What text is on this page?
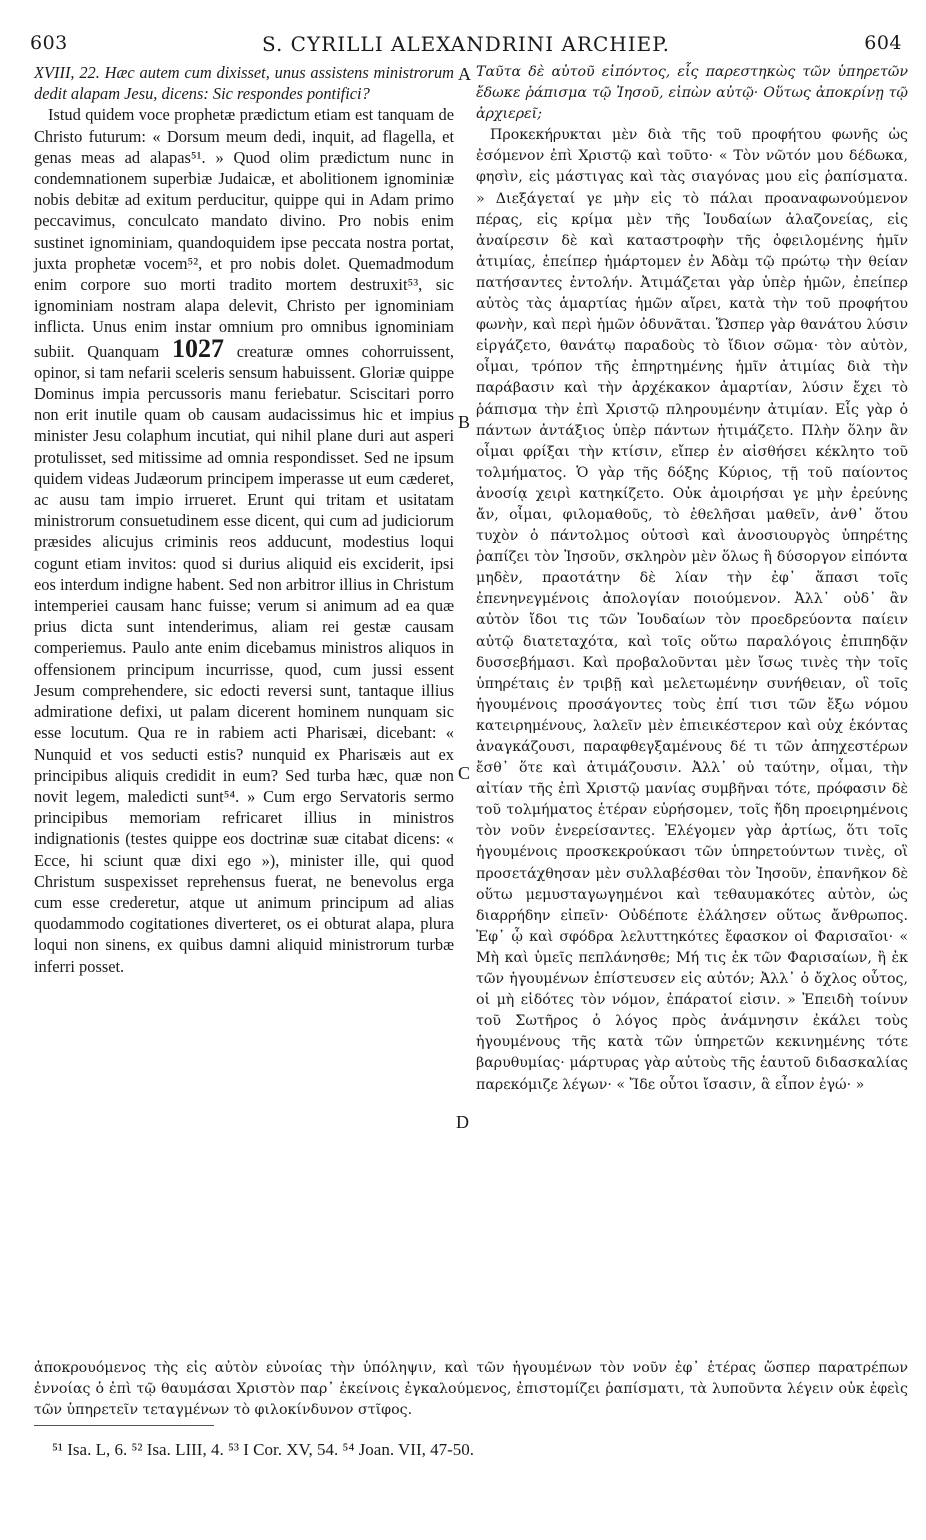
603	S. CYRILLI ALEXANDRINI ARCHIEP.	604

XVIII, 22. Hæc autem cum dixisset, unus assistens ministrorum dedit alapam Jesu, dicens: Sic respondes pontifici?

Istud quidem voce prophetæ prædictum etiam est tanquam de Christo futurum: « Dorsum meum dedi, inquit, ad flagella, et genas meas ad alapas⁵¹. » Quod olim prædictum nunc in condemnationem superbiæ Judaicæ, et abolitionem ignominiæ nobis debitæ ad exitum perducitur, quippe qui in Adam primo peccavimus, conculcato mandato divino. Pro nobis enim sustinet ignominiam, quandoquidem ipse peccata nostra portat, juxta prophetæ vocem⁵², et pro nobis dolet. Quemadmodum enim corpore suo morti tradito mortem destruxit⁵³, sic ignominiam nostram alapa delevit, Christo per ignominiam inflicta. Unus enim instar omnium pro omnibus ignominiam subiit. Quanquam 1027 creaturæ omnes cohorruissent, opinor, si tam nefarii sceleris sensum habuissent. Gloriæ quippe Dominus impia percussoris manu feriebatur. Sciscitari porro non erit inutile quam ob causam audacissimus hic et impius minister Jesu colaphum incutiat, qui nihil plane duri aut asperi protulisset, sed mitissime ad omnia respondisset. Sed ne ipsum quidem videas Judæorum principem imperasse ut eum cæderet, ac ausu tam impio irrueret. Erunt qui tritam et usitatam ministrorum consuetudinem esse dicent, qui cum ad judiciorum præsides alicujus criminis reos adducunt, modestius loqui cogunt etiam invitos: quod si durius aliquid eis exciderit, ipsi eos interdum indigne habent. Sed non arbitror illius in Christum intemperiei causam hanc fuisse; verum si animum ad ea quæ prius dicta sunt intenderimus, aliam rei gestæ causam comperiemus. Paulo ante enim dicebamus ministros aliquos in offensionem principum incurrisse, quod, cum jussi essent Jesum comprehendere, sic edocti reversi sunt, tantaque illius admiratione defixi, ut palam dicerent hominem nunquam sic esse locutum. Qua re in rabiem acti Pharisæi, dicebant: « Nunquid et vos seducti estis? nunquid ex Pharisæis aut ex principibus aliquis credidit in eum? Sed turba hæc, quæ non novit legem, maledicti sunt⁵⁴. » Cum ergo Servatoris sermo principibus memoriam refricaret illius in ministros indignationis (testes quippe eos doctrinæ suæ citabat dicens: « Ecce, hi sciunt quæ dixi ego »), minister ille, qui quod Christum suspexisset reprehensus fuerat, ne benevolus erga cum esse crederetur, atque ut animum principum ad alias quodammodo cogitationes diverteret, os ei obturat alapa, plura loqui non sinens, ex quibus damni aliquid ministrorum turbæ inferri posset.

A
B
C
D

Ταῦτα δὲ αὐτοῦ εἰπόντος, εἷς παρεστηκὼς τῶν ὑπηρετῶν ἔδωκε ῥάπισμα τῷ Ἰησοῦ, εἰπὼν αὐτῷ· Οὕτως ἀποκρίνῃ τῷ ἀρχιερεῖ;

Προκεκήρυκται μὲν διὰ τῆς τοῦ προφήτου φωνῆς ὡς ἐσόμενον ἐπὶ Χριστῷ καὶ τοῦτο· « Τὸν νῶτόν μου δέδωκα, φησὶν, εἰς μάστιγας καὶ τὰς σιαγόνας μου εἰς ῥαπίσματα. » Διεξάγεταί γε μὴν εἰς τὸ πάλαι προαναφωνούμενον πέρας, εἰς κρίμα μὲν τῆς Ἰουδαίων ἀλαζονείας, εἰς ἀναίρεσιν δὲ καὶ καταστροφὴν τῆς ὀφειλομένης ἡμῖν ἀτιμίας, ἐπείπερ ἡμάρτομεν ἐν Ἀδὰμ τῷ πρώτῳ τὴν θείαν πατήσαντες ἐντολήν. Ἀτιμάζεται γὰρ ὑπὲρ ἡμῶν, ἐπείπερ αὐτὸς τὰς ἁμαρτίας ἡμῶν αἴρει, κατὰ τὴν τοῦ προφήτου φωνὴν, καὶ περὶ ἡμῶν ὀδυνᾶται. Ὥσπερ γὰρ θανάτου λύσιν εἰργάζετο, θανάτῳ παραδοὺς τὸ ἴδιον σῶμα· τὸν αὐτὸν, οἶμαι, τρόπον τῆς ἐπηρτημένης ἡμῖν ἀτιμίας διὰ τὴν παράβασιν καὶ τὴν ἀρχέκακον ἁμαρτίαν, λύσιν ἔχει τὸ ῥάπισμα τὴν ἐπὶ Χριστῷ πληρουμένην ἀτιμίαν. Εἷς γὰρ ὁ πάντων ἀντάξιος ὑπὲρ πάντων ἠτιμάζετο. Πλὴν ὅλην ἂν οἶμαι φρίξαι τὴν κτίσιν, εἴπερ ἐν αἰσθήσει κέκλητο τοῦ τολμήματος. Ὁ γὰρ τῆς δόξης Κύριος, τῇ τοῦ παίοντος ἀνοσίᾳ χειρὶ κατηκίζετο. Οὐκ ἀμοιρήσαι γε μὴν ἐρεύνης ἄν, οἶμαι, φιλομαθοῦς, τὸ ἐθελῆσαι μαθεῖν, ἀνθ᾽ ὅτου τυχὸν ὁ πάντολμος οὑτοσὶ καὶ ἀνοσιουργὸς ὑπηρέτης ῥαπίζει τὸν Ἰησοῦν, σκληρὸν μὲν ὅλως ἢ δύσοργον εἰπόντα μηδὲν, πραοτάτην δὲ λίαν τὴν ἐφ᾽ ἅπασι τοῖς ἐπενηνεγμένοις ἀπολογίαν ποιούμενον. Ἀλλ᾽ οὐδ᾽ ἂν αὐτὸν ἴδοι τις τῶν Ἰουδαίων τὸν προεδρεύοντα παίειν αὐτῷ διατεταχότα, καὶ τοῖς οὕτω παραλόγοις ἐπιπηδᾷν δυσσεβήμασι. Καὶ προβαλοῦνται μὲν ἴσως τινὲς τὴν τοῖς ὑπηρέταις ἐν τριβῇ καὶ μελετωμένην συνήθειαν, οἳ τοῖς ἡγουμένοις προσάγοντες τοὺς ἐπί τισι τῶν ἔξω νόμου κατειρημένους, λαλεῖν μὲν ἐπιεικέστερον καὶ οὐχ ἑκόντας ἀναγκάζουσι, παραφθεγξαμένους δέ τι τῶν ἀπηχεστέρων ἔσθ᾽ ὅτε καὶ ἀτιμάζουσιν. Ἀλλ᾽ οὐ ταύτην, οἶμαι, τὴν αἰτίαν τῆς ἐπὶ Χριστῷ μανίας συμβῆναι τότε, πρόφασιν δὲ τοῦ τολμήματος ἑτέραν εὑρήσομεν, τοῖς ἤδη προειρημένοις τὸν νοῦν ἐνερείσαντες. Ἐλέγομεν γὰρ ἀρτίως, ὅτι τοῖς ἡγουμένοις προσκεκρούκασι τῶν ὑπηρετούντων τινὲς, οἳ προσετάχθησαν μὲν συλλαβέσθαι τὸν Ἰησοῦν, ἐπανῆκον δὲ οὕτω μεμυσταγωγημένοι καὶ τεθαυμακότες αὐτὸν, ὡς διαρρήδην εἰπεῖν· Οὐδέποτε ἐλάλησεν οὕτως ἄνθρωπος. Ἐφ᾽ ᾧ καὶ σφόδρα λελυττηκότες ἔφασκον οἱ Φαρισαῖοι· « Μὴ καὶ ὑμεῖς πεπλάνησθε; Μή τις ἐκ τῶν Φαρισαίων, ἢ ἐκ τῶν ἡγουμένων ἐπίστευσεν εἰς αὐτόν; Ἀλλ᾽ ὁ ὄχλος οὗτος, οἱ μὴ εἰδότες τὸν νόμον, ἐπάρατοί εἰσιν. » Ἐπειδὴ τοίνυν τοῦ Σωτῆρος ὁ λόγος πρὸς ἀνάμνησιν ἐκάλει τοὺς ἡγουμένους τῆς κατὰ τῶν ὑπηρετῶν κεκινημένης τότε βαρυθυμίας· μάρτυρας γὰρ αὐτοὺς τῆς ἑαυτοῦ διδασκαλίας παρεκόμιζε λέγων· « Ἴδε οὗτοι ἴσασιν, ἃ εἶπον ἐγώ· »

ἀποκρουόμενος τὴς εἰς αὐτὸν εὐνοίας τὴν ὑπόληψιν, καὶ τῶν ἡγουμένων τὸν νοῦν ἐφ᾽ ἑτέρας ὥσπερ παρατρέπων ἐννοίας ὁ ἐπὶ τῷ θαυμάσαι Χριστὸν παρ᾽ ἐκείνοις ἐγκαλούμενος, ἐπιστομίζει ῥαπίσματι, τὰ λυποῦντα λέγειν οὐκ ἐφεὶς τῶν ὑπηρετεῖν τεταγμένων τὸ φιλοκίνδυνον στῖφος.

⁵¹ Isa. L, 6. ⁵² Isa. LIII, 4. ⁵³ I Cor. XV, 54. ⁵⁴ Joan. VII, 47-50.
